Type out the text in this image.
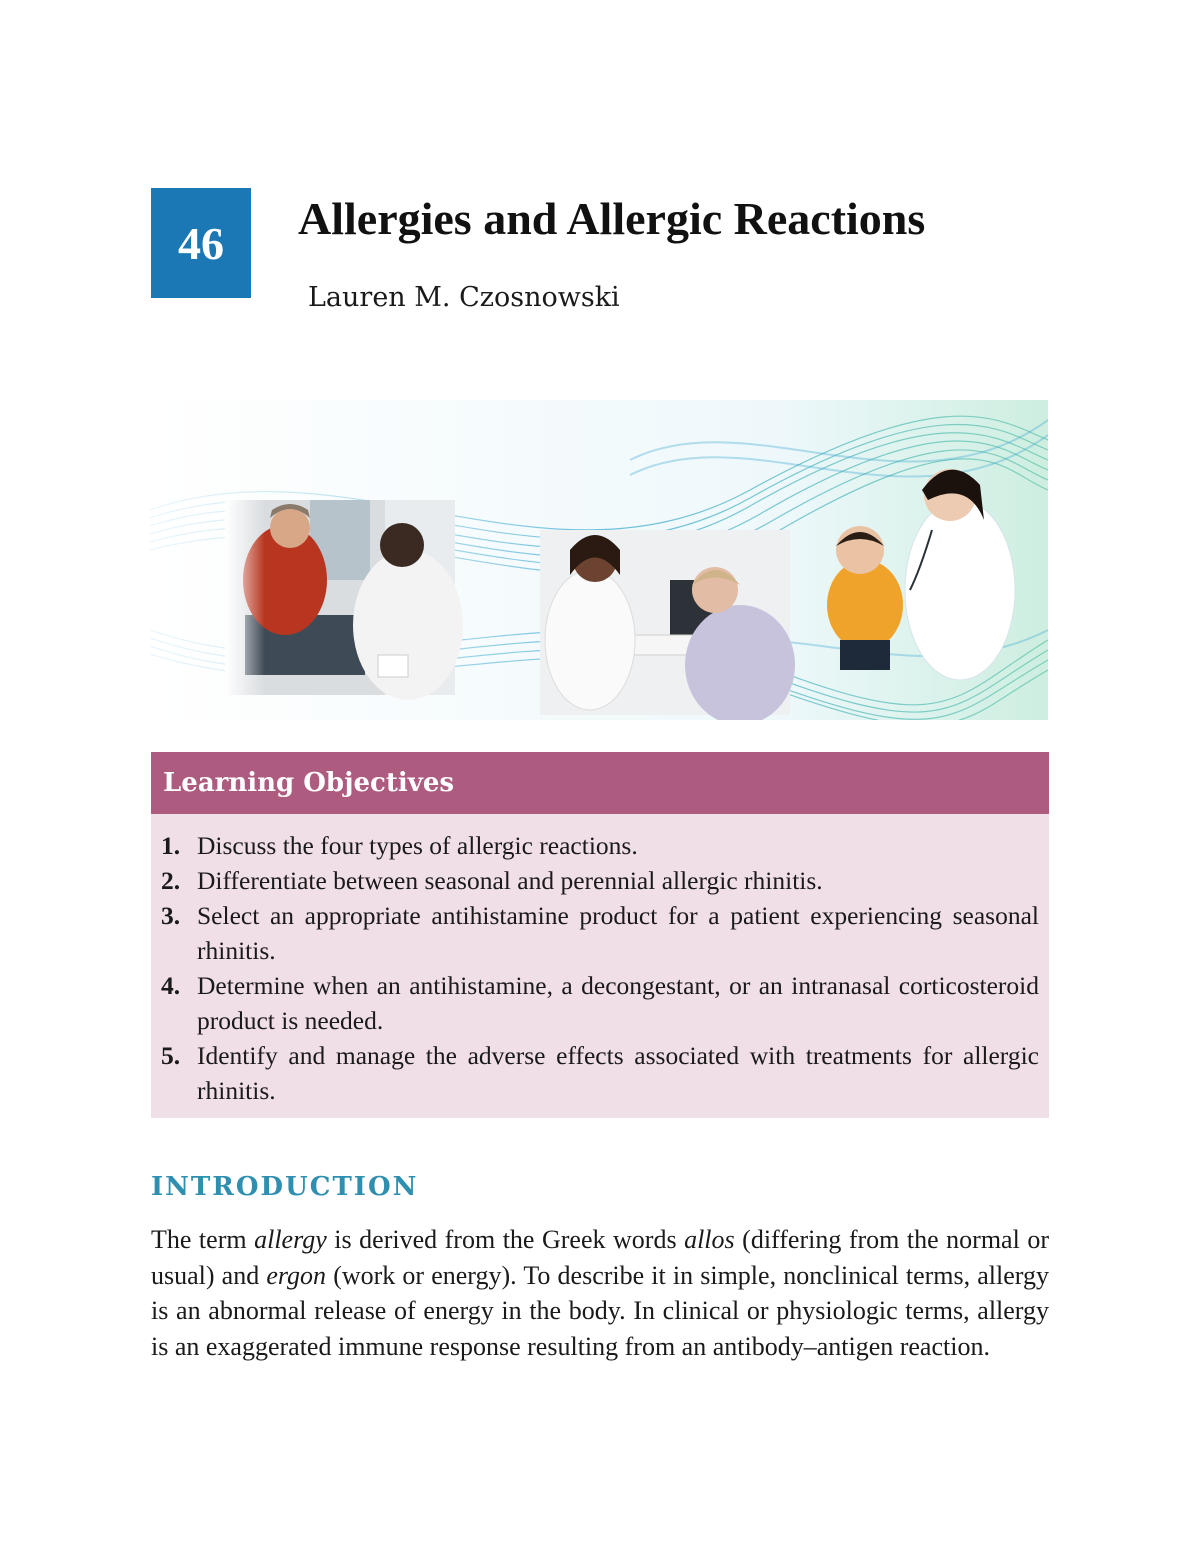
46 Allergies and Allergic Reactions
Lauren M. Czosnowski
Learning Objectives
1. Discuss the four types of allergic reactions.
2. Differentiate between seasonal and perennial allergic rhinitis.
3. Select an appropriate antihistamine product for a patient experiencing seasonal rhinitis.
4. Determine when an antihistamine, a decongestant, or an intranasal corticosteroid product is needed.
5. Identify and manage the adverse effects associated with treatments for allergic rhinitis.
INTRODUCTION

The term allergy is derived from the Greek words allos (differing from the normal or usual) and ergon (work or energy). To describe it in simple, nonclinical terms, allergy is an abnormal release of energy in the body. In clinical or physiologic terms, allergy is an exaggerated immune response resulting from an antibody–antigen reaction.
